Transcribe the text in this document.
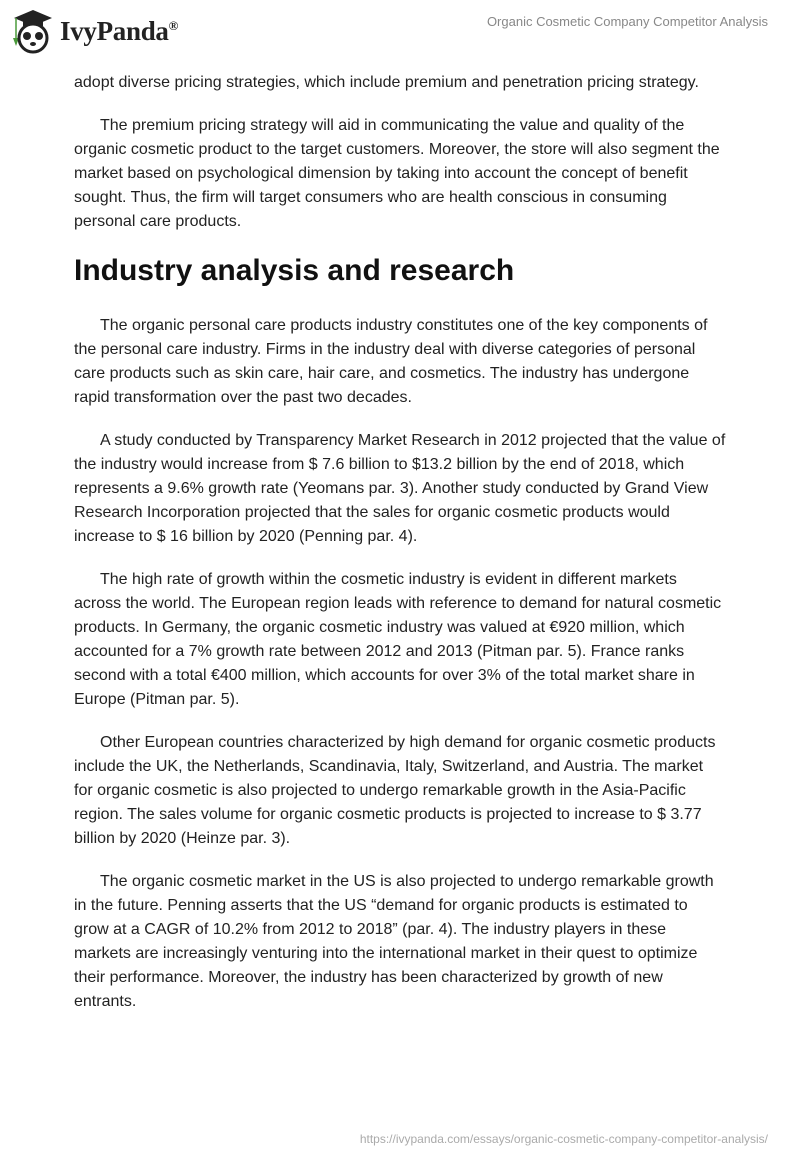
IvyPanda®	Organic Cosmetic Company Competitor Analysis

adopt diverse pricing strategies, which include premium and penetration pricing strategy.

The premium pricing strategy will aid in communicating the value and quality of the organic cosmetic product to the target customers. Moreover, the store will also segment the market based on psychological dimension by taking into account the concept of benefit sought. Thus, the firm will target consumers who are health conscious in consuming personal care products.

Industry analysis and research

The organic personal care products industry constitutes one of the key components of the personal care industry. Firms in the industry deal with diverse categories of personal care products such as skin care, hair care, and cosmetics. The industry has undergone rapid transformation over the past two decades.

A study conducted by Transparency Market Research in 2012 projected that the value of the industry would increase from $ 7.6 billion to $13.2 billion by the end of 2018, which represents a 9.6% growth rate (Yeomans par. 3). Another study conducted by Grand View Research Incorporation projected that the sales for organic cosmetic products would increase to $ 16 billion by 2020 (Penning par. 4).

The high rate of growth within the cosmetic industry is evident in different markets across the world. The European region leads with reference to demand for natural cosmetic products. In Germany, the organic cosmetic industry was valued at €920 million, which accounted for a 7% growth rate between 2012 and 2013 (Pitman par. 5). France ranks second with a total €400 million, which accounts for over 3% of the total market share in Europe (Pitman par. 5).

Other European countries characterized by high demand for organic cosmetic products include the UK, the Netherlands, Scandinavia, Italy, Switzerland, and Austria. The market for organic cosmetic is also projected to undergo remarkable growth in the Asia-Pacific region. The sales volume for organic cosmetic products is projected to increase to $ 3.77 billion by 2020 (Heinze par. 3).

The organic cosmetic market in the US is also projected to undergo remarkable growth in the future. Penning asserts that the US “demand for organic products is estimated to grow at a CAGR of 10.2% from 2012 to 2018” (par. 4). The industry players in these markets are increasingly venturing into the international market in their quest to optimize their performance. Moreover, the industry has been characterized by growth of new entrants.

https://ivypanda.com/essays/organic-cosmetic-company-competitor-analysis/
